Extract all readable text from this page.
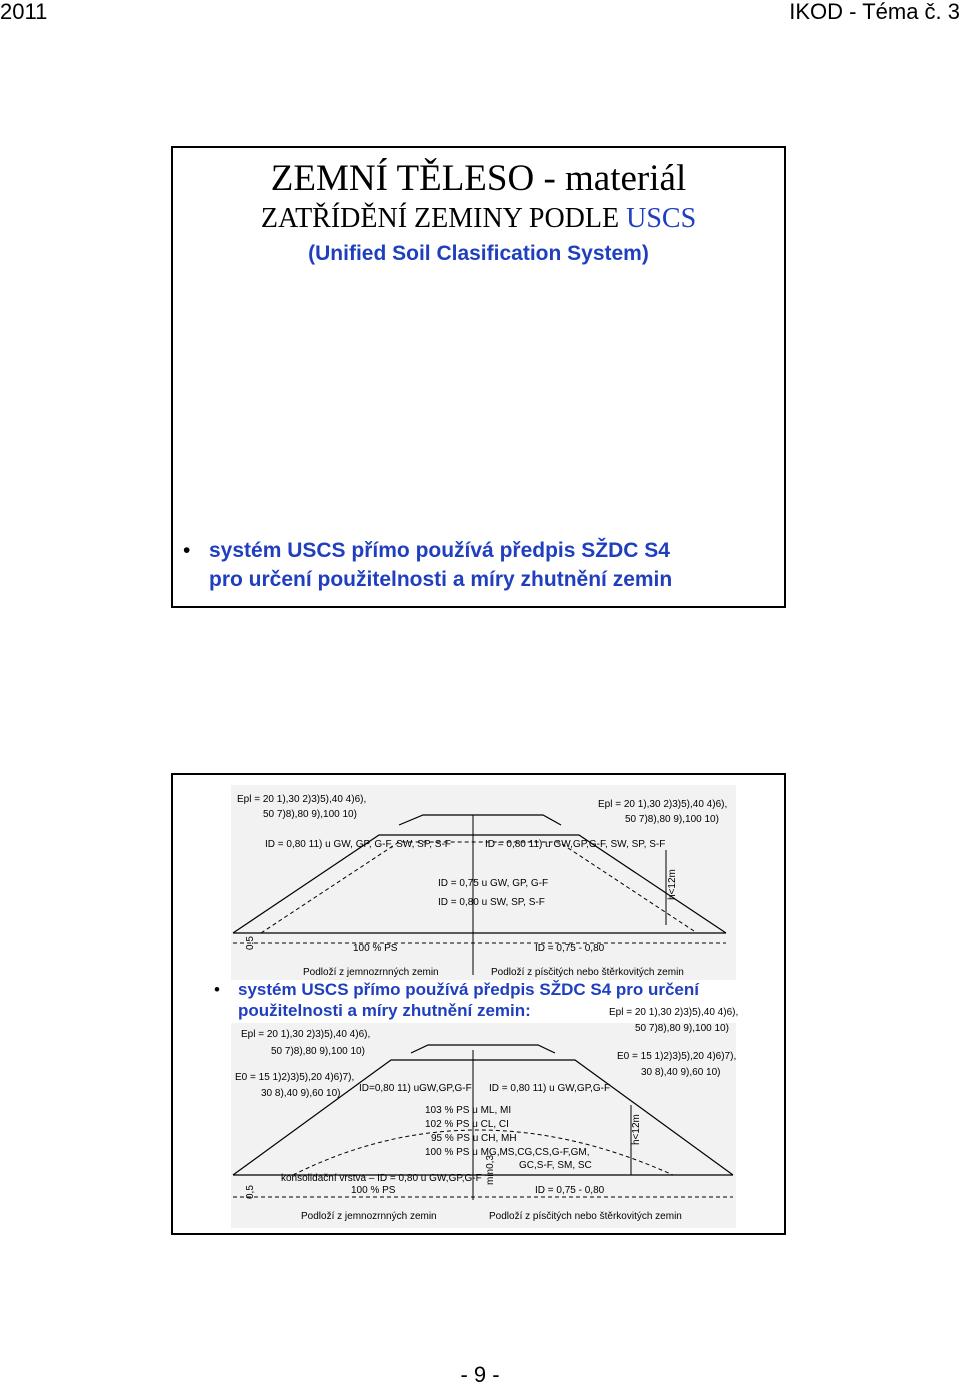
2011	IKOD - Téma č. 3
ZEMNÍ TĚLESO - materiál
ZATŘÍDĚNÍ ZEMINY PODLE USCS
(Unified Soil Clasification System)
• systém USCS přímo používá předpis SŽDC S4
pro určení použitelnosti a míry zhutnění zemin
Epl = 20 1),30 2)3)5),40 4)6),
50 7)8),80 9),100 10)
Epl = 20 1),30 2)3)5),40 4)6),
50 7)8),80 9),100 10)
ID = 0,80 11) u GW, GP, G-F, SW, SP, S-F	ID = 0,80 11) u GW,GP,G-F, SW, SP, S-F
ID = 0,75 u GW, GP, G-F
ID = 0,80 u SW, SP, S-F
h<12m
0,5	100 % PS	ID = 0,75 - 0,80
Podloží z jemnozrnných zemin	Podloží z písčitých nebo štěrkovitých zemin
Epl = 20 1),30 2)3)5),40 4)6),
50 7)8),80 9),100 10)
Epl = 20 1),30 2)3)5),40 4)6),
50 7)8),80 9),100 10)
E0 = 15 1)2)3)5),20 4)6)7),
30 8),40 9),60 10)
E0 = 15 1)2)3)5),20 4)6)7),
30 8),40 9),60 10)
ID=0,80 11) uGW,GP,G-F ID = 0,80 11) u GW,GP,G-F
103 % PS u ML, MI
102 % PS u CL, CI
95 % PS u CH, MH
100 % PS u MG,MS,CG,CS,G-F,GM,
GC,S-F, SM, SC
h<12m
konsolidační vrstva – ID = 0,80 u GW,GP,G-F
100 % PS	ID = 0,75 - 0,80
0,5
min0,3
Podloží z jemnozrnných zemin	Podloží z písčitých nebo štěrkovitých zemin
• systém USCS přímo používá předpis SŽDC S4 pro určení
použitelnosti a míry zhutnění zemin:
- 9 -
